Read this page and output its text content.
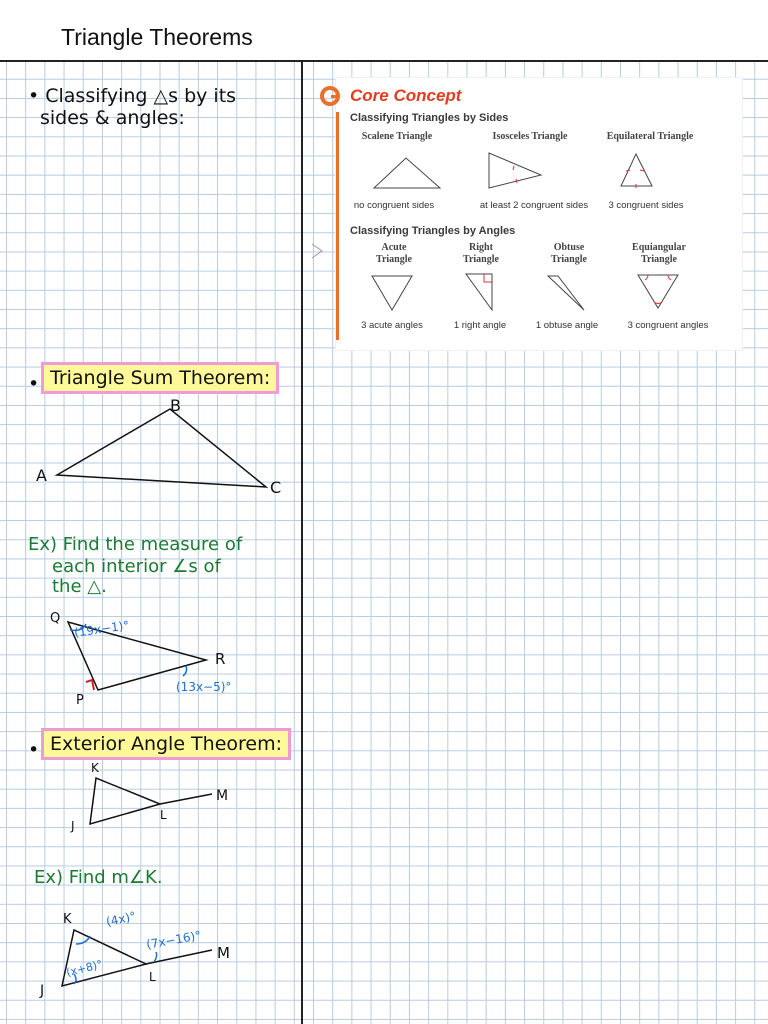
Triangle Theorems
• Classifying △s by its
sides & angles:
Core Concept
Classifying Triangles by Sides
Scalene Triangle	Isosceles Triangle	Equilateral Triangle
no congruent sides	at least 2 congruent sides	3 congruent sides
Classifying Triangles by Angles
Acute
Triangle
Right
Triangle
Obtuse
Triangle
Equiangular
Triangle
3 acute angles	1 right angle	1 obtuse angle	3 congruent angles
• Triangle Sum Theorem:
B
A
C
Ex) Find the measure of
each interior ∠s of
the △.
Q
R
P
(19x−1)°
(13x−5)°
• Exterior Angle Theorem:
K
J
L
M
Ex) Find m∠K.
K
J
L
M
(4x)°
(x+8)°
(7x−16)°
